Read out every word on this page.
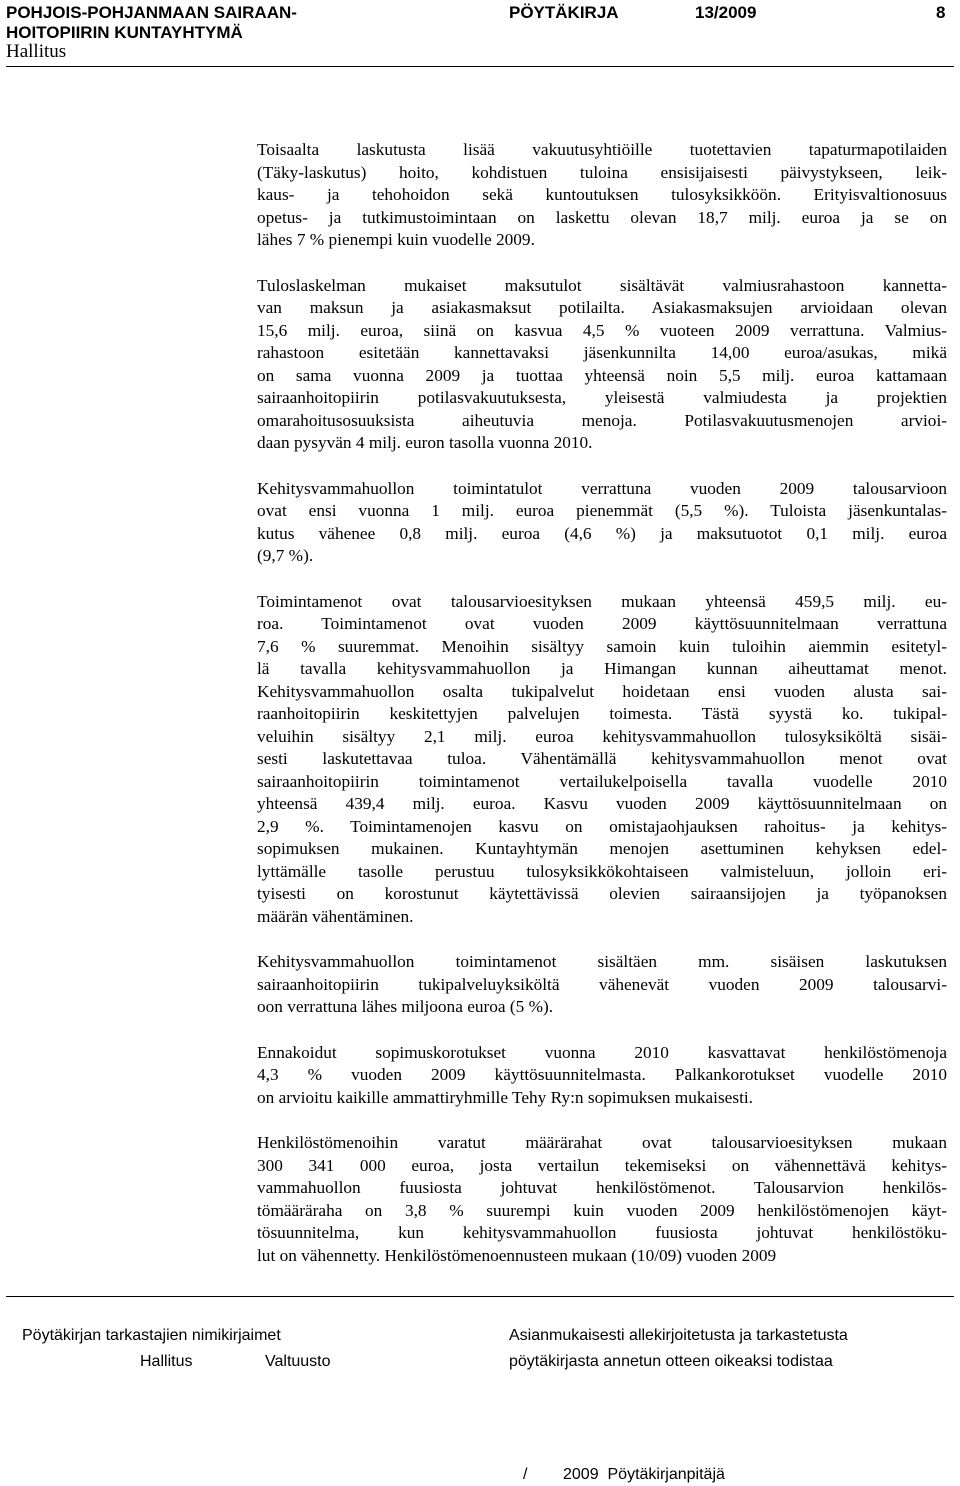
POHJOIS-POHJANMAAN SAIRAAN-
HOITOPIIRIN KUNTAYHTYMÄ
PÖYTÄKIRJA	13/2009	8
Hallitus

Toisaalta laskutusta lisää vakuutusyhtiöille tuotettavien tapaturmapotilaiden
(Täky-laskutus) hoito, kohdistuen tuloina ensisijaisesti päivystykseen, leik-
kaus- ja tehohoidon sekä kuntoutuksen tulosyksikköön. Erityisvaltionosuus
opetus- ja tutkimustoimintaan on laskettu olevan 18,7 milj. euroa ja se on
lähes 7 % pienempi kuin vuodelle 2009.

Tuloslaskelman mukaiset maksutulot sisältävät valmiusrahastoon kannetta-
van maksun ja asiakasmaksut potilailta. Asiakasmaksujen arvioidaan olevan
15,6 milj. euroa, siinä on kasvua 4,5 % vuoteen 2009 verrattuna. Valmius-
rahastoon esitetään kannettavaksi jäsenkunnilta 14,00 euroa/asukas, mikä
on sama vuonna 2009 ja tuottaa yhteensä noin 5,5 milj. euroa kattamaan
sairaanhoitopiirin potilasvakuutuksesta, yleisestä valmiudesta ja projektien
omarahoitusosuuksista aiheutuvia menoja. Potilasvakuutusmenojen arvioi-
daan pysyvän 4 milj. euron tasolla vuonna 2010.

Kehitysvammahuollon toimintatulot verrattuna vuoden 2009 talousarvioon
ovat ensi vuonna 1 milj. euroa pienemmät (5,5 %). Tuloista jäsenkuntalas-
kutus vähenee 0,8 milj. euroa (4,6 %) ja maksutuotot 0,1 milj. euroa
(9,7 %).

Toimintamenot ovat talousarvioesityksen mukaan yhteensä 459,5 milj. eu-
roa. Toimintamenot ovat vuoden 2009 käyttösuunnitelmaan verrattuna
7,6 % suuremmat. Menoihin sisältyy samoin kuin tuloihin aiemmin esitetyl-
lä tavalla kehitysvammahuollon ja Himangan kunnan aiheuttamat menot.
Kehitysvammahuollon osalta tukipalvelut hoidetaan ensi vuoden alusta sai-
raanhoitopiirin keskitettyjen palvelujen toimesta. Tästä syystä ko. tukipal-
veluihin sisältyy 2,1 milj. euroa kehitysvammahuollon tulosyksiköltä sisäi-
sesti laskutettavaa tuloa. Vähentämällä kehitysvammahuollon menot ovat
sairaanhoitopiirin toimintamenot vertailukelpoisella tavalla vuodelle 2010
yhteensä 439,4 milj. euroa. Kasvu vuoden 2009 käyttösuunnitelmaan on
2,9 %. Toimintamenojen kasvu on omistajaohjauksen rahoitus- ja kehitys-
sopimuksen mukainen. Kuntayhtymän menojen asettuminen kehyksen edel-
lyttämälle tasolle perustuu tulosyksikkökohtaiseen valmisteluun, jolloin eri-
tyisesti on korostunut käytettävissä olevien sairaansijojen ja työpanoksen
määrän vähentäminen.

Kehitysvammahuollon toimintamenot sisältäen mm. sisäisen laskutuksen
sairaanhoitopiirin tukipalveluyksiköltä vähenevät vuoden 2009 talousarvi-
oon verrattuna lähes miljoona euroa (5 %).

Ennakoidut sopimuskorotukset vuonna 2010 kasvattavat henkilöstömenoja
4,3 % vuoden 2009 käyttösuunnitelmasta. Palkankorotukset vuodelle 2010
on arvioitu kaikille ammattiryhmille Tehy Ry:n sopimuksen mukaisesti.

Henkilöstömenoihin varatut määrärahat ovat talousarvioesityksen mukaan
300 341 000 euroa, josta vertailun tekemiseksi on vähennettävä kehitys-
vammahuollon fuusiosta johtuvat henkilöstömenot. Talousarvion henkilös-
tömääräraha on 3,8 % suurempi kuin vuoden 2009 henkilöstömenojen käyt-
tösuunnitelma, kun kehitysvammahuollon fuusiosta johtuvat henkilöstöku-
lut on vähennetty. Henkilöstömenoennusteen mukaan (10/09) vuoden 2009

Pöytäkirjan tarkastajien nimikirjaimet
Hallitus	Valtuusto
Asianmukaisesti allekirjoitetusta ja tarkastetusta
pöytäkirjasta annetun otteen oikeaksi todistaa
/        2009  Pöytäkirjanpitäjä
